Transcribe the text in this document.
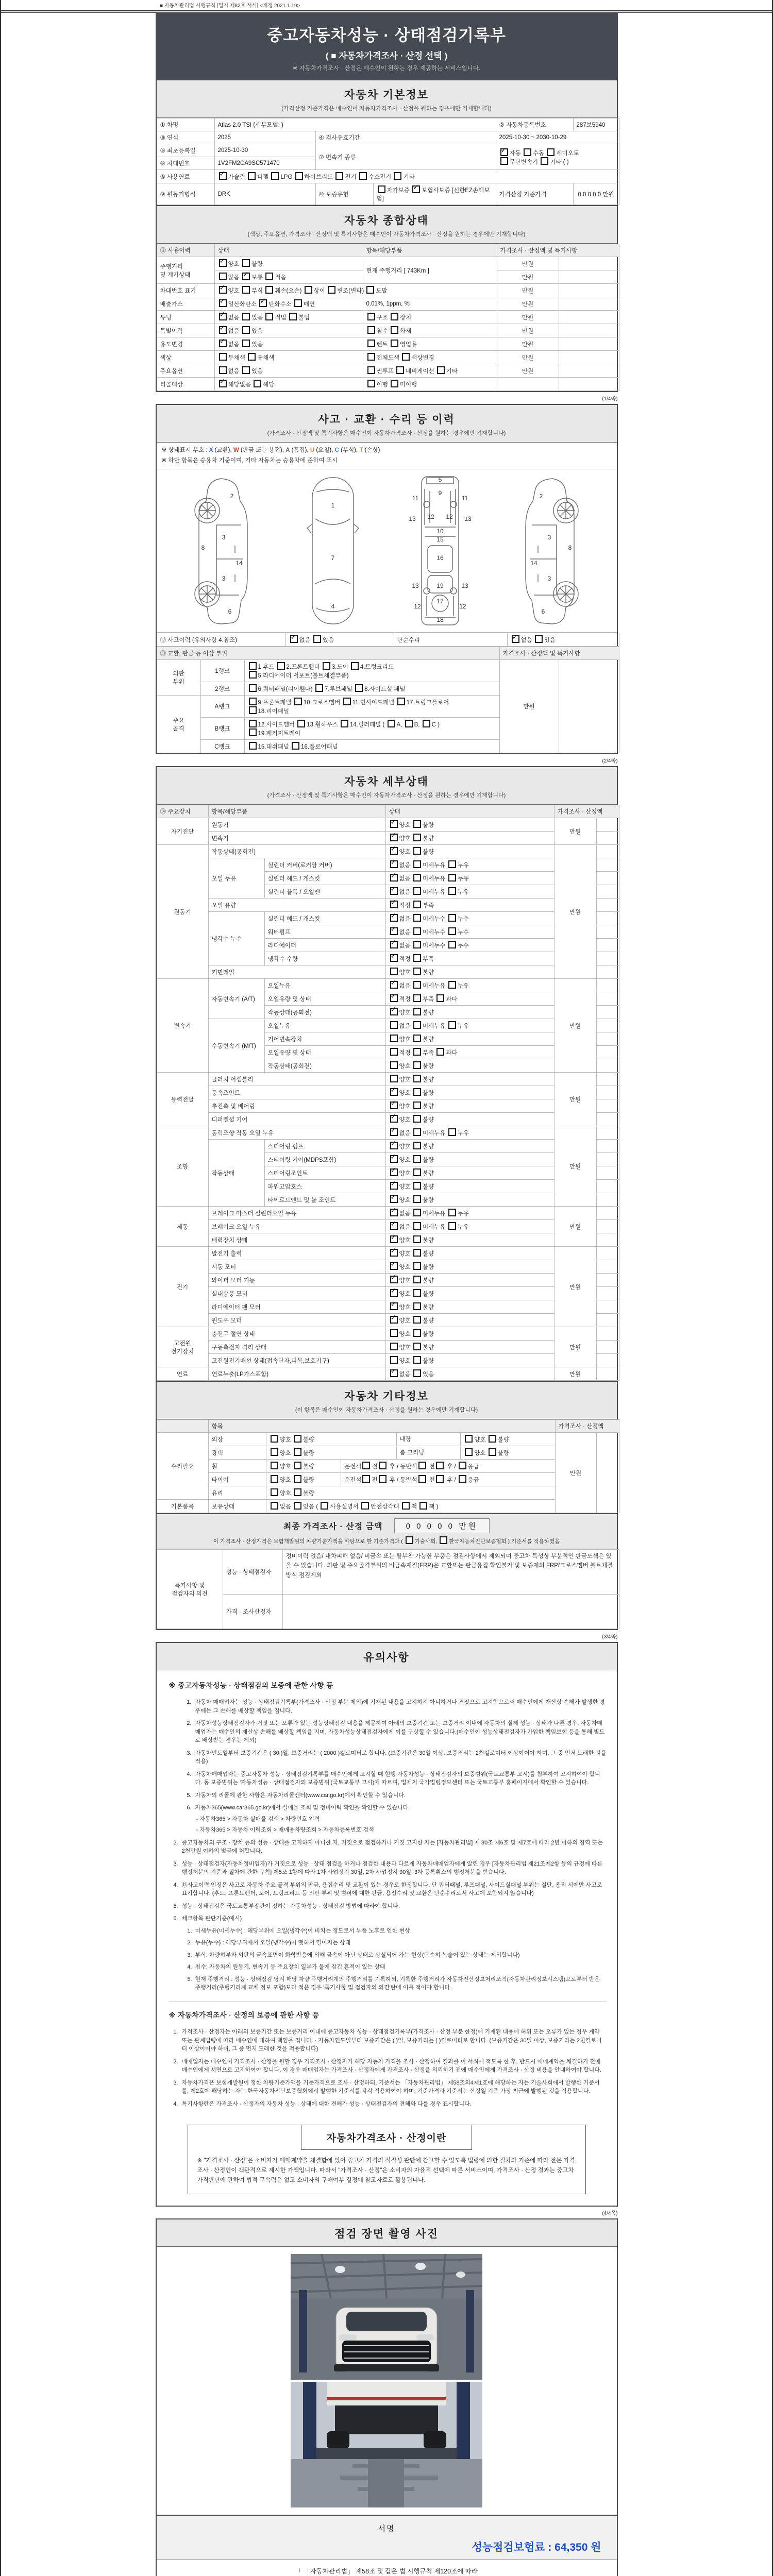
■ 자동차관리법 시행규칙 [별지 제82호 서식] <개정 2021.1.19>
중고자동차성능 · 상태점검기록부
( ■ 자동차가격조사 · 산정 선택 )
※ 자동차가격조사 · 산정은 매수인이 원하는 경우 제공하는 서비스입니다.
자동차 기본정보
(가격산정 기준가격은 매수인이 자동차가격조사 · 산정을 원하는 경우에만 기재합니다)
① 차명	Atlas 2.0 TSI (세부모델: )			② 자동차등록번호	287보5940
③ 연식	2025	④ 검사유효기간		2025-10-30 ~ 2030-10-29	
⑤ 최초등록일	2025-10-30	⑦ 변속기 종류	✓자동 수동 세미오토
무단변속기 기타 ( )
⑥ 차대번호	1V2FM2CA9SC571470				
⑧ 사용연료	✓가솔린 디젤 LPG 하이브리드 전기 수소전기 기타
⑨ 원동기형식	DRK	⑩ 보증유형	자가보증 ✓보험사보증 [신한EZ손해보험]	가격산정 기준가격	0 0 0 0 0 만원
자동차 종합상태
(색상, 주요옵션, 가격조사 · 산정액 및 특기사항은 매수인이 자동차가격조사 · 산정을 원하는 경우에만 기재합니다)
⑪ 사용이력	상태	항목/해당부품	가격조사 · 산정액 및 특기사항	
주행거리
및 계기상태	✓양호 불량	현재 주행거리 [ 743Km ]	만원	
	많음 ✓보통 적음		만원	
차대번호 표기	✓양호 부식 훼손(오손) 상이 변조(변타) 도말		만원	
배출가스	✓일산화탄소 ✓탄화수소 매연	0.01%, 1ppm, %	만원	
튜닝	✓없음 있음 적법 불법	구조 장치	만원	
특별이력	✓없음 있음	침수 화재	만원	
용도변경	✓없음 있음	렌트 영업용	만원	
색상	무채색 유채색	전체도색 색상변경	만원	
주요옵션	없음 있음	썬루프 네비게이션 기타	만원	
리콜대상	✓해당없음 해당	이행 미이행		
(1/4쪽)
사고 · 교환 · 수리 등 이력
(가격조사 · 산정액 및 특기사항은 매수인이 자동차가격조사 · 산정을 원하는 경우에만 기재합니다)
※ 상태표시 부호 : X (교환), W (판금 또는 용접), A (흠집), U (요철), C (부식), T (손상)
※ 하단 항목은 승용차 기준이며, 기타 자동차는 승용차에 준하여 표시
2
8
3
14
3
6
1
7
4
5
9
11	11
13	13
12 12
10
15
16
13	19	13
17
12	12
18
2
8
3
14
3
6
⑫ 사고이력 (유의사항 4.참조)	✓없음 있음	단순수리	✓없음 있음
⑬ 교환, 판금 등 이상 부위			가격조사 · 산정액 및 특기사항	
외판
부위	1랭크	1.후드 2.프론트휀더 3.도어 4.트렁크리드
5.라디에이터 서포트(볼트체결부품)	만원	
	2랭크	6.쿼터패널(리어휀다) 7.루브패널 8.사이드실 패널		
주요
골격	A랭크	9.프론트패널 10.크로스멤버 11.인사이드패널 17.트렁크플로어
18.리어패널		
	B랭크	12.사이드멤버 13.휠하우스 14.필러패널 ( A, B, C )
19.패키지트레이		
	C랭크	15.대쉬패널 16.플로어패널		
(2/4쪽)
자동차 세부상태
(가격조사 · 산정액 및 특기사항은 매수인이 자동차가격조사 · 산정을 원하는 경우에만 기재합니다)
⑭ 주요장치	항목/해당부품		상태	가격조사 · 산정액	
자기진단	원동기	✓양호 불량	만원	
	변속기	✓양호 불량	
원동기	작동상태(공회전)	✓양호 불량	만원	
	오일 누유	실린더 커버(로커암 커버)	✓없음 미세누유 누유	
		실린더 헤드 / 개스킷	✓없음 미세누유 누유	
		실린더 블록 / 오일팬	✓없음 미세누유 누유	
	오일 유량	✓적정 부족	
	냉각수 누수	실린더 헤드 / 개스킷	✓없음 미세누수 누수	
		워터펌프	✓없음 미세누수 누수	
		라디에이터	✓없음 미세누수 누수	
		냉각수 수량	✓적정 부족	
	커먼레일		양호 불량		
변속기	자동변속기 (A/T)	오일누유	✓없음 미세누유 누유	만원	
		오일유량 및 상태	✓적정 부족 과다	
		작동상태(공회전)	✓양호 불량	
	수동변속기 (M/T)	오일누유	없음 미세누유 누유		
		기어변속장치	양호 불량		
		오일유량 및 상태	적정 부족 과다		
		작동상태(공회전)	양호 불량		
동력전달	클러치 어셈블리		양호 불량	만원	
	등속조인트	✓양호 불량	
	추진축 및 베어링	✓양호 불량	
	디퍼렌셜 기어	✓양호 불량	
조향	동력조향 작동 오일 누유	✓없음 미세누유 누유	만원	
	작동상태	스티어링 펌프	✓양호 불량	
		스티어링 기어(MDPS포함)	✓양호 불량	
		스티어링조인트	✓양호 불량	
		파워고압호스	✓양호 불량	
		타이로드엔드 및 볼 조인트	✓양호 불량	
제동	브레이크 마스터 실린더오일 누유	✓없음 미세누유 누유	만원	
	브레이크 오일 누유	✓없음 미세누유 누유	
	배력장치 상태	✓양호 불량	
전기	발전기 출력	✓양호 불량	만원	
	시동 모터	✓양호 불량	
	와이퍼 모터 기능	✓양호 불량	
	실내송풍 모터	✓양호 불량	
	라디에이터 팬 모터	✓양호 불량	
	윈도우 모터	✓양호 불량	
고전원
전기장치	충전구 절연 상태		양호 불량	만원	
	구동축전지 격리 상태		양호 불량		
	고전원전기배선 상태(접속단자,피복,보호기구)		양호 불량		
연료	연료누출(LP가스포함)	✓없음 있음	만원	
자동차 기타정보
(이 항목은 매수인이 자동차가격조사 · 산정을 원하는 경우에만 기재합니다)
	항목		가격조사 · 산정액	
수리필요	외장	양호 불량 내장 양호 불량	만원	
	광택	양호 불량 룸 크리닝 양호 불량		

	휠	양호 불량 운전석 전 후 / 동반석 전 후 / 응급		

	타이어	양호 불량 운전석 전 후 / 동반석 전 후 / 응급		

	유리	양호 불량		

기본품목	보유상태	없음 있음 ( 사용설명서 안전삼각대 잭 잭 )		
최종 가격조사 · 산정 금액	0 0 0 0 0 만원
이 가격조사 · 산정가격은 보험개발원의 차량기준가액을 바탕으로 한 기준가격과 ( 기술사회, 한국자동차진단보증협회 ) 기준서를 적용하였음
특기사항 및
점검자의 의견	성능 · 상태점검자	정비이력 없음/ 내차피해 없음/ 비금속 또는 탈부착 가능한 부품은 점검사항에서 제외되며 중고차 특성상 부분적인 판금도색은 있을 수 있습니다. 외판 및 주요골격부위의 비금속재질(FRP)은 교환또는 판금용접 확인불가 및 보증제외 FRP/크로스멤버 볼트체결방식 점검제외
	가격 · 조사산정자	
(3/4쪽)
유의사항
※ 중고자동차성능 · 상태점검의 보증에 관한 사항 등
1. 자동차 매매업자는 성능 · 상태점검기록부(가격조사 · 산정 부분 제외)에 기재된 내용을 고지하지 아니하거나 거짓으로 고지함으로써 매수인에게 재산상 손해가 발생한 경우에는 그 손해를 배상할 책임을 집니다.
2. 자동차성능상태점검자가 거짓 또는 오류가 있는 성능상태점검 내용을 제공하여 아래의 보증기간 또는 보증거리 이내에 자동차의 실제 성능 · 상태가 다른 경우, 자동차매매업자는 매수인의 재산상 손해를 배상할 책임을 지며, 자동차성능상태점검자에게 이를 구상할 수 있습니다.(매수인이 성능상태점검자가 가입한 책임보험 등을 통해 별도로 배상받는 경우는 제외)
3. 자동차인도일부터 보증기간은 ( 30 )일, 보증거리는 ( 2000 )킬로미터로 합니다. (보증기간은 30일 이상, 보증거리는 2천킬로미터 이상이어야 하며, 그 중 먼저 도래한 것을 적용)
4. 자동차매매업자는 중고자동차 성능 · 상태점검기록부를 매수인에게 고지할 때 현행 자동차성능 · 상태점검자의 보증범위(국토교통부 고시)를 첨부하여 고지하여야 합니다. 동 보증범위는 '자동차성능 · 상태점검자의 보증범위'(국토교통부 고시)에 따르며, 법제처 국가법령정보센터 또는 국토교통부 홈페이지에서 확인할 수 있습니다.
5. 자동차의 리콜에 관한 사항은 자동차리콜센터(www.car.go.kr)에서 확인할 수 있습니다.
6. 자동차365(www.car365.go.kr)에서 실매물 조회 및 정비이력 확인을 확인할 수 있습니다.
- 자동차365 > 자동차 실매물 검색 > 차량번호 입력
- 자동차365 > 자동차 이력조회 > 매매용차량조회 > 자동차등록번호 검색
2. 중고자동차의 구조 · 장치 등의 성능 · 상태를 고지하지 아니한 자, 거짓으로 점검하거나 거짓 고지한 자는 [자동차관리법] 제 80조 제6호 및 제7호에 따라 2년 이하의 징역 또는 2천만원 이하의 벌금에 처합니다.
3. 성능 · 상태점검자(자동차정비업자)가 거짓으로 성능 · 상태 점검을 하거나 점검한 내용과 다르게 자동차매매업자에게 알린 경우 [자동차관리법 제21조제2항 등의 규정에 따른 행정처분의 기준과 절차에 관한 규칙] 제5조 1항에 따라 1차 사업정지 30일, 2차 사업정지 90일, 3차 등록취소의 행정처분을 받습니다.
4. ⑫사고이력 인정은 사고로 자동차 주요 골격 부위의 판금, 용접수리 및 교환이 있는 경우로 한정합니다. 단 쿼터패널, 루프패널, 사이드실패널 부위는 절단, 용접 시에만 사고로 표기합니다. (후드, 프론트펜더, 도어, 트렁크리드 등 외판 부위 및 범퍼에 대한 판금, 용접수리 및 교환은 단순수리로서 사고에 포함되지 않습니다)
5. 성능 · 상태점검은 국토교통부장관이 정하는 자동차성능 · 상태점검 방법에 따라야 합니다.
6. 체크항목 판단기준(예시)
1. 미세누유(미세누수) : 해당부위에 오일(냉각수)이 비치는 정도로서 부품 노후로 인한 현상
2. 누유(누수) : 해당부위에서 오일(냉각수)이 맺혀서 떨어지는 상태
3. 부식: 차량하부와 외판의 금속표면이 화학반응에 의해 금속이 아닌 상태로 상실되어 가는 현상(단순히 녹슬어 있는 상태는 제외합니다)
4. 침수: 자동차의 원동기, 변속기 등 주요장치 일부가 물에 잠긴 흔적이 있는 상태
5. 현재 주행거리 : 성능 · 상태점검 당시 해당 차량 주행거리계의 주행거리를 기록하되, 기록한 주행거리가 자동차전산정보처리조직(자동차관리정보시스템)으로부터 받은 주행거리(주행거리계 교체 정보 포함)보다 적은 경우 '특기사항 및 점검자의 의견'란에 이를 적어야 합니다.
※ 자동차가격조사 · 산정의 보증에 관한 사항 등
1. 가격조사 · 산정자는 아래의 보증기간 또는 보증거리 이내에 중고자동차 성능 · 상태점검기록부(가격조사 · 산정 부분 한정)에 기재된 내용에 허위 또는 오류가 있는 경우 계약 또는 관계법령에 따라 매수인에 대하여 책임을 집니다. · 자동차인도일부터 보증기간은 ( )일, 보증거리는 ( )킬로미터로 합니다. (보증기간은 30일 이상, 보증거리는 2천킬로미터 이상이어야 하며, 그 중 먼저 도래한 것을 적용합니다)
2. 매매업자는 매수인이 가격조사 · 산정을 원할 경우 가격조사 · 산정자가 해당 자동차 가격을 조사 · 산정하여 결과를 이 서식에 적도록 한 후, 반드시 매매계약을 체결하기 전에 매수인에게 서면으로 고지하여야 합니다. 이 경우 매매업자는 가격조사 · 산정자에게 가격조사 · 산정을 의뢰하기 전에 매수인에게 가격조사 · 산정 비용을 안내하여야 합니다.
3. 자동차가격은 보험개발원이 정한 차량기준가액을 기준가격으로 조사 · 산정하되, 기준서는 「자동차관리법」 제58조의4제1호에 해당하는 자는 기술사회에서 발행한 기준서를, 제2호에 해당하는 자는 한국자동차진단보증협회에서 발행한 기준서를 각각 적용하여야 하며, 기준가격과 기준서는 산정일 기준 가장 최근에 발행된 것을 적용합니다.
4. 특기사항란은 가격조사 · 산정자의 자동차 성능 · 상태에 대한 견해가 성능 · 상태점검자의 견해와 다를 경우 표시합니다.
자동차가격조사 · 산정이란
※ "가격조사 · 산정"은 소비자가 매매계약을 체결함에 있어 중고차 가격의 적절성 판단에 참고할 수 있도록 법령에 의한 절차와 기준에 따라 전문 가격조사 · 산정인이 객관적으로 제시한 가액입니다. 따라서 "가격조사 · 산정"은 소비자의 자율적 선택에 따른 서비스이며, 가격조사 · 산정 결과는 중고차 가격판단에 관하여 법적 구속력은 없고 소비자의 구매여부 결정에 참고자료로 활용됩니다.
(4/4쪽)
점검 장면 촬영 사진
서명
성능점검보험료 : 64,350 원
「 「자동차관리법」 제58조 및 같은 법 시행규칙 제120조에 따라
